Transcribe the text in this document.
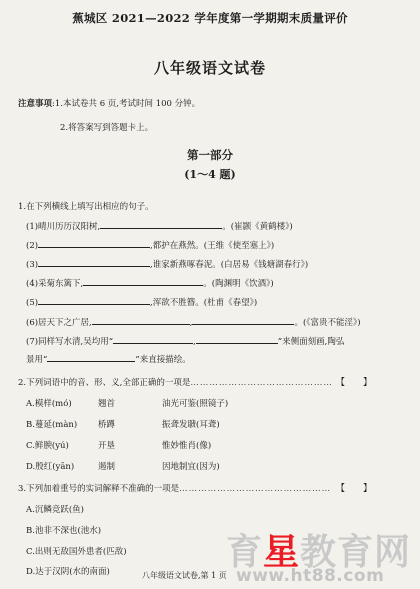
蕉城区 2021—2022 学年度第一学期期末质量评价
八年级语文试卷
注意事项:1.本试卷共 6 页,考试时间 100 分钟。
2.将答案写到答题卡上。
第一部分
(1～4 题)
1.在下列横线上填写出相应的句子。
(1)晴川历历汉阳树,	。(崔颢《黄鹤楼》)
(2)	,都护在燕然。(王维《使至塞上》)
(3)	,谁家新燕啄春泥。(白居易《钱塘湖春行》)
(4)采菊东篱下,	。(陶渊明《饮酒》)
(5)	,浑欲不胜簪。(杜甫《春望》)
(6)居天下之广居,	,	。(《富贵不能淫》)
(7)同样写水清,吴均用“	,	”来侧面刻画,陶弘
景用“	”来直接描绘。
2.下列词语中的音、形、义,全部正确的一项是……………………………………… 【　　】
A.模样(mó)	翘首	油光可鉴(照镜子)
B.蔓延(màn) 桥蹲	振聋发聩(耳聋)
C.鲜腴(yú)	开垦	惟妙惟肖(像)
D.殷红(yān)	遏制	因地制宜(因为)
3.下列加着重号的实词解释不准确的一项是………………………………………… 【　　】
A.沉鳞竞跃(鱼)
B.池非不深也(池水)
C.出则无敌国外患者(匹敌)
D.达于汉阴(水的南面)	八年级语文试卷,第 1 页
育星教育网
www.ht88.com
